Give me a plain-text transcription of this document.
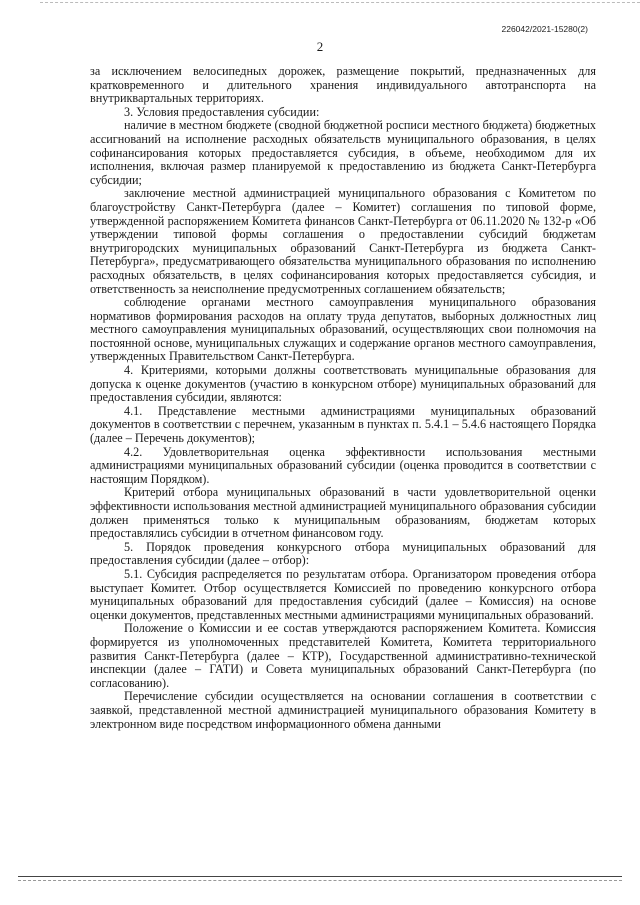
226042/2021-15280(2)
2

за исключением велосипедных дорожек, размещение покрытий, предназначенных для кратковременного и длительного хранения индивидуального автотранспорта на внутриквартальных территориях.

3. Условия предоставления субсидии:

наличие в местном бюджете (сводной бюджетной росписи местного бюджета) бюджетных ассигнований на исполнение расходных обязательств муниципального образования, в целях софинансирования которых предоставляется субсидия, в объеме, необходимом для их исполнения, включая размер планируемой к предоставлению из бюджета Санкт-Петербурга субсидии;

заключение местной администрацией муниципального образования с Комитетом по благоустройству Санкт-Петербурга (далее – Комитет) соглашения по типовой форме, утвержденной распоряжением Комитета финансов Санкт-Петербурга от 06.11.2020 № 132-р «Об утверждении типовой формы соглашения о предоставлении субсидий бюджетам внутригородских муниципальных образований Санкт-Петербурга из бюджета Санкт-Петербурга», предусматривающего обязательства муниципального образования по исполнению расходных обязательств, в целях софинансирования которых предоставляется субсидия, и ответственность за неисполнение предусмотренных соглашением обязательств;

соблюдение органами местного самоуправления муниципального образования нормативов формирования расходов на оплату труда депутатов, выборных должностных лиц местного самоуправления муниципальных образований, осуществляющих свои полномочия на постоянной основе, муниципальных служащих и содержание органов местного самоуправления, утвержденных Правительством Санкт-Петербурга.

4. Критериями, которыми должны соответствовать муниципальные образования для допуска к оценке документов (участию в конкурсном отборе) муниципальных образований для предоставления субсидии, являются:

4.1. Представление местными администрациями муниципальных образований документов в соответствии с перечнем, указанным в пунктах п. 5.4.1 – 5.4.6 настоящего Порядка (далее – Перечень документов);

4.2. Удовлетворительная оценка эффективности использования местными администрациями муниципальных образований субсидии (оценка проводится в соответствии с настоящим Порядком).

Критерий отбора муниципальных образований в части удовлетворительной оценки эффективности использования местной администрацией муниципального образования субсидии должен применяться только к муниципальным образованиям, бюджетам которых предоставлялись субсидии в отчетном финансовом году.

5. Порядок проведения конкурсного отбора муниципальных образований для предоставления субсидии (далее – отбор):

5.1. Субсидия распределяется по результатам отбора. Организатором проведения отбора выступает Комитет. Отбор осуществляется Комиссией по проведению конкурсного отбора муниципальных образований для предоставления субсидий (далее – Комиссия) на основе оценки документов, представленных местными администрациями муниципальных образований.

Положение о Комиссии и ее состав утверждаются распоряжением Комитета. Комиссия формируется из уполномоченных представителей Комитета, Комитета территориального развития Санкт-Петербурга (далее – КТР), Государственной административно-технической инспекции (далее – ГАТИ) и Совета муниципальных образований Санкт-Петербурга (по согласованию).

Перечисление субсидии осуществляется на основании соглашения в соответствии с заявкой, представленной местной администрацией муниципального образования Комитету в электронном виде посредством информационного обмена данными
